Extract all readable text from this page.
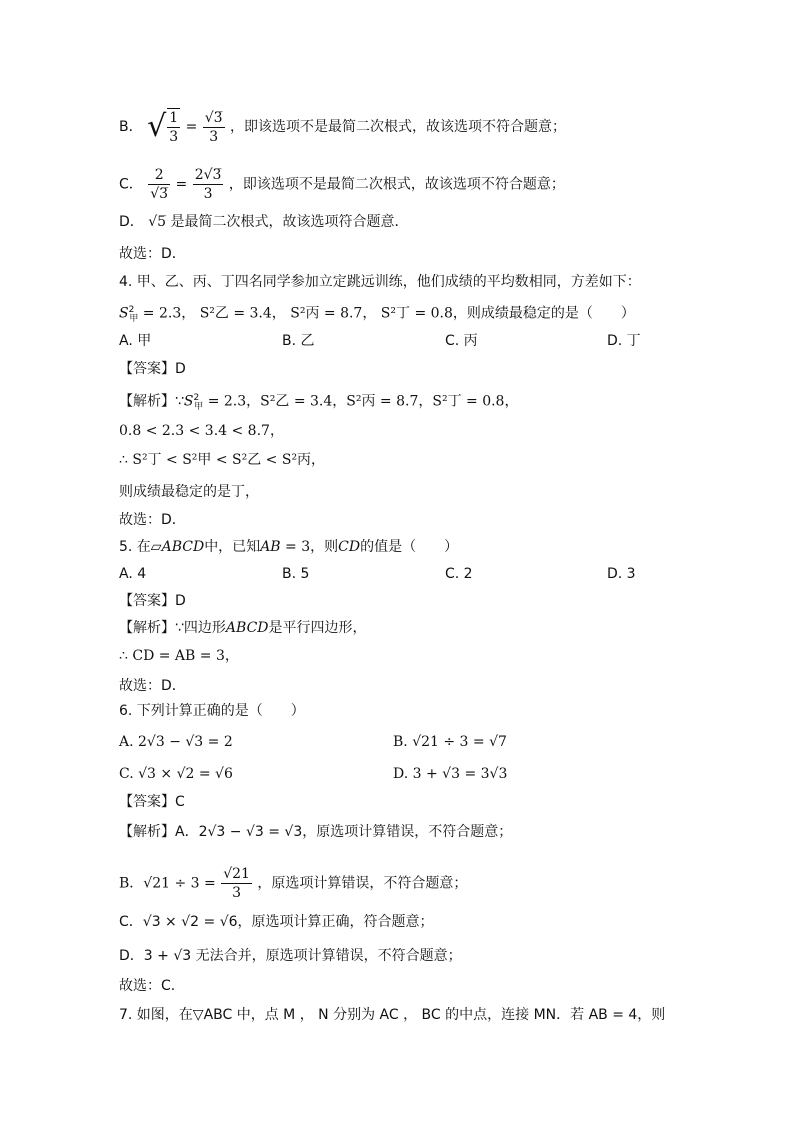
B． √ $\frac{1}{3} = \frac{√3̅}{3}$ ，即该选项不是最简二次根式，故该选项不符合题意；
C． $\frac{2}{√3̅} = \frac{2√3̅}{3}$ ，即该选项不是最简二次根式，故该选项不符合题意；
D． √5̅ 是最简二次根式，故该选项符合题意．
故选：D．
4. 甲、乙、丙、丁四名同学参加立定跳远训练，他们成绩的平均数相同，方差如下：
$S^2_甲 = 2.3$， S²乙 = 3.4， S²丙 = 8.7， S²丁 = 0.8，则成绩最稳定的是（　　）
A. 甲	B. 乙	C. 丙	D. 丁
【答案】D
【解析】$\because S^2_甲 = 2.3$，S²乙 = 3.4，S²丙 = 8.7，S²丁 = 0.8，
0.8 < 2.3 < 3.4 < 8.7，
∴ S²丁 < S²甲 < S²乙 < S²丙，
则成绩最稳定的是丁，
故选：D．
5. 在▱ABCD中，已知AB = 3，则CD的值是（　　）
A. 4	B. 5	C. 2	D. 3
【答案】D
【解析】∵四边形ABCD是平行四边形，
∴ CD = AB = 3，
故选：D．
6. 下列计算正确的是（　　）
A. 2√3 − √3 = 2	B. √21 ÷ 3 = √7
C. √3 × √2 = √6	D. 3 + √3 = 3√3
【答案】C
【解析】A．2√3 − √3 = √3，原选项计算错误，不符合题意；
B．$√21 \div 3 = \frac{√21}{3}$ ，原选项计算错误，不符合题意；
C．√3 × √2 = √6，原选项计算正确，符合题意；
D．3 + √3 无法合并，原选项计算错误，不符合题意；
故选：C.
7. 如图，在▽ABC 中，点 M ， N 分别为 AC ， BC 的中点，连接 MN．若 AB = 4，则
